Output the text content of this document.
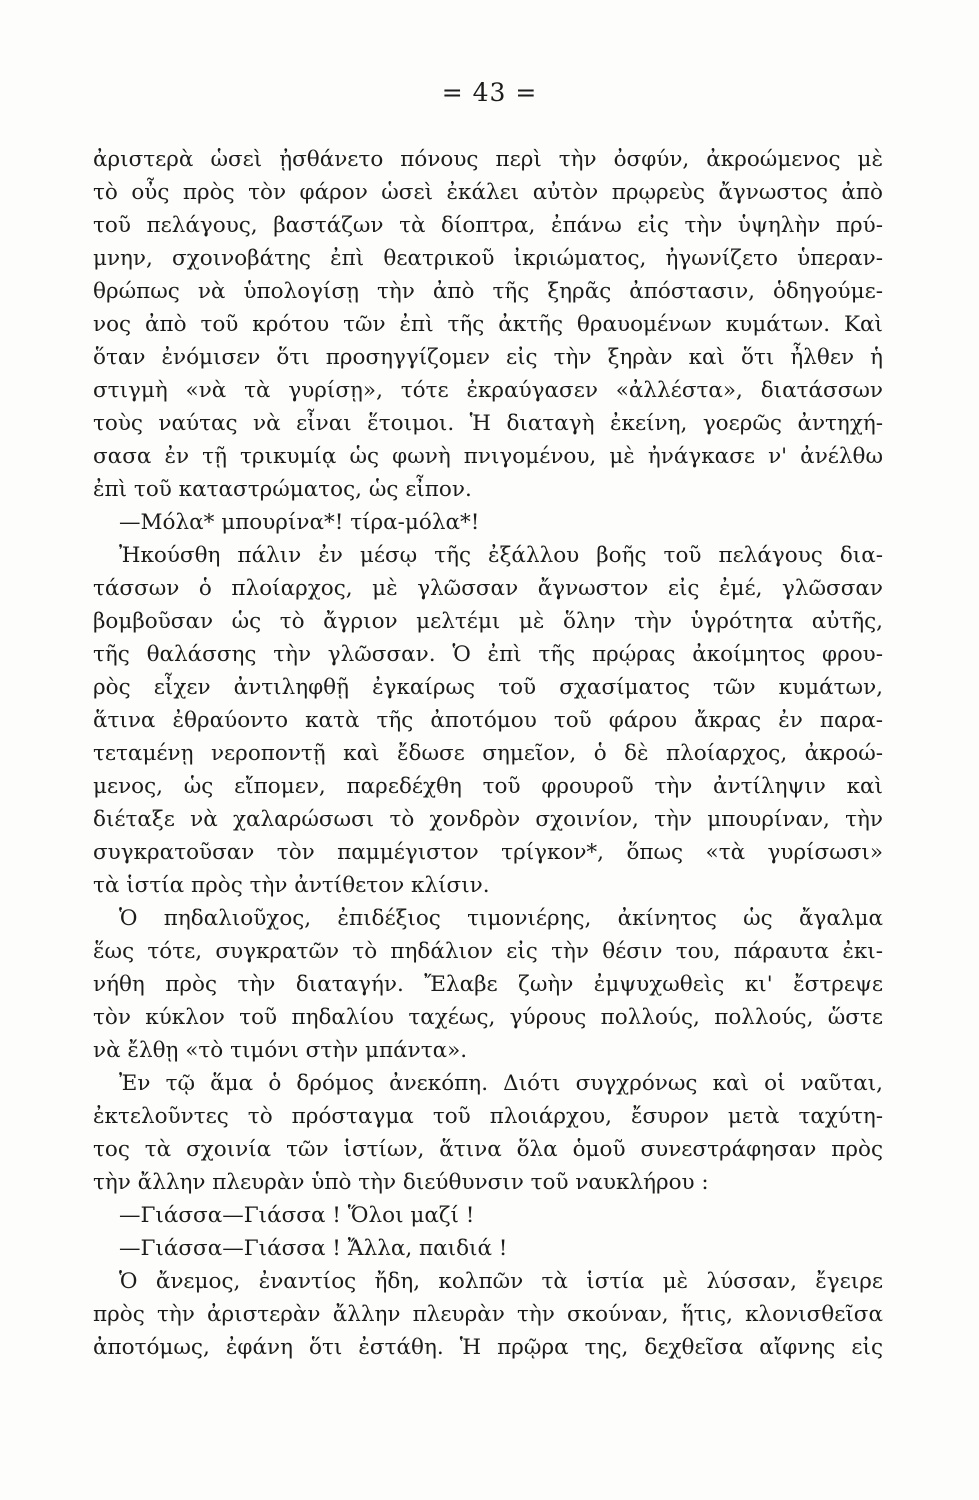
= 43 =
ἀριστερὰ ὡσεὶ ᾐσθάνετο πόνους περὶ τὴν ὀσφύν, ἀκροώμενος μὲ
τὸ οὖς πρὸς τὸν φάρον ὡσεὶ ἐκάλει αὐτὸν πρῳρεὺς ἄγνωστος ἀπὸ
τοῦ πελάγους, βαστάζων τὰ δίοπτρα, ἐπάνω εἰς τὴν ὑψηλὴν πρύ-
μνην, σχοινοβάτης ἐπὶ θεατρικοῦ ἰκριώματος, ἠγωνίζετο ὑπεραν-
θρώπως νὰ ὑπολογίσῃ τὴν ἀπὸ τῆς ξηρᾶς ἀπόστασιν, ὁδηγούμε-
νος ἀπὸ τοῦ κρότου τῶν ἐπὶ τῆς ἀκτῆς θραυομένων κυμάτων. Καὶ
ὅταν ἐνόμισεν ὅτι προσηγγίζομεν εἰς τὴν ξηρὰν καὶ ὅτι ἦλθεν ἡ
στιγμὴ «νὰ τὰ γυρίσῃ», τότε ἐκραύγασεν «ἀλλέστα», διατάσσων
τοὺς ναύτας νὰ εἶναι ἕτοιμοι. Ἡ διαταγὴ ἐκείνη, γοερῶς ἀντηχή-
σασα ἐν τῇ τρικυμίᾳ ὡς φωνὴ πνιγομένου, μὲ ἠνάγκασε ν' ἀνέλθω
ἐπὶ τοῦ καταστρώματος, ὡς εἶπον.
—Μόλα* μπουρίνα*! τίρα-μόλα*!
Ἠκούσθη πάλιν ἐν μέσῳ τῆς ἐξάλλου βοῆς τοῦ πελάγους δια-
τάσσων ὁ πλοίαρχος, μὲ γλῶσσαν ἄγνωστον εἰς ἐμέ, γλῶσσαν
βομβοῦσαν ὡς τὸ ἄγριον μελτέμι μὲ ὅλην τὴν ὑγρότητα αὐτῆς,
τῆς θαλάσσης τὴν γλῶσσαν. Ὁ ἐπὶ τῆς πρῴρας ἀκοίμητος φρου-
ρὸς εἶχεν ἀντιληφθῇ ἐγκαίρως τοῦ σχασίματος τῶν κυμάτων,
ἅτινα ἐθραύοντο κατὰ τῆς ἀποτόμου τοῦ φάρου ἄκρας ἐν παρα-
τεταμένῃ νεροποντῇ καὶ ἔδωσε σημεῖον, ὁ δὲ πλοίαρχος, ἀκροώ-
μενος, ὡς εἴπομεν, παρεδέχθη τοῦ φρουροῦ τὴν ἀντίληψιν καὶ
διέταξε νὰ χαλαρώσωσι τὸ χονδρὸν σχοινίον, τὴν μπουρίναν, τὴν
συγκρατοῦσαν τὸν παμμέγιστον τρίγκον*, ὅπως «τὰ γυρίσωσι»
τὰ ἱστία πρὸς τὴν ἀντίθετον κλίσιν.
Ὁ πηδαλιοῦχος, ἐπιδέξιος τιμονιέρης, ἀκίνητος ὡς ἄγαλμα
ἕως τότε, συγκρατῶν τὸ πηδάλιον εἰς τὴν θέσιν του, πάραυτα ἐκι-
νήθη πρὸς τὴν διαταγήν. Ἔλαβε ζωὴν ἐμψυχωθεὶς κι' ἔστρεψε
τὸν κύκλον τοῦ πηδαλίου ταχέως, γύρους πολλούς, πολλούς, ὥστε
νὰ ἔλθῃ «τὸ τιμόνι στὴν μπάντα».
Ἐν τῷ ἅμα ὁ δρόμος ἀνεκόπη. Διότι συγχρόνως καὶ οἱ ναῦται,
ἐκτελοῦντες τὸ πρόσταγμα τοῦ πλοιάρχου, ἔσυρον μετὰ ταχύτη-
τος τὰ σχοινία τῶν ἱστίων, ἅτινα ὅλα ὁμοῦ συνεστράφησαν πρὸς
τὴν ἄλλην πλευρὰν ὑπὸ τὴν διεύθυνσιν τοῦ ναυκλήρου :
—Γιάσσα—Γιάσσα ! Ὅλοι μαζί !
—Γιάσσα—Γιάσσα ! Ἄλλα, παιδιά !
Ὁ ἄνεμος, ἐναντίος ἤδη, κολπῶν τὰ ἱστία μὲ λύσσαν, ἔγειρε
πρὸς τὴν ἀριστερὰν ἄλλην πλευρὰν τὴν σκούναν, ἥτις, κλονισθεῖσα
ἀποτόμως, ἐφάνη ὅτι ἐστάθη. Ἡ πρῷρα της, δεχθεῖσα αἴφνης εἰς
